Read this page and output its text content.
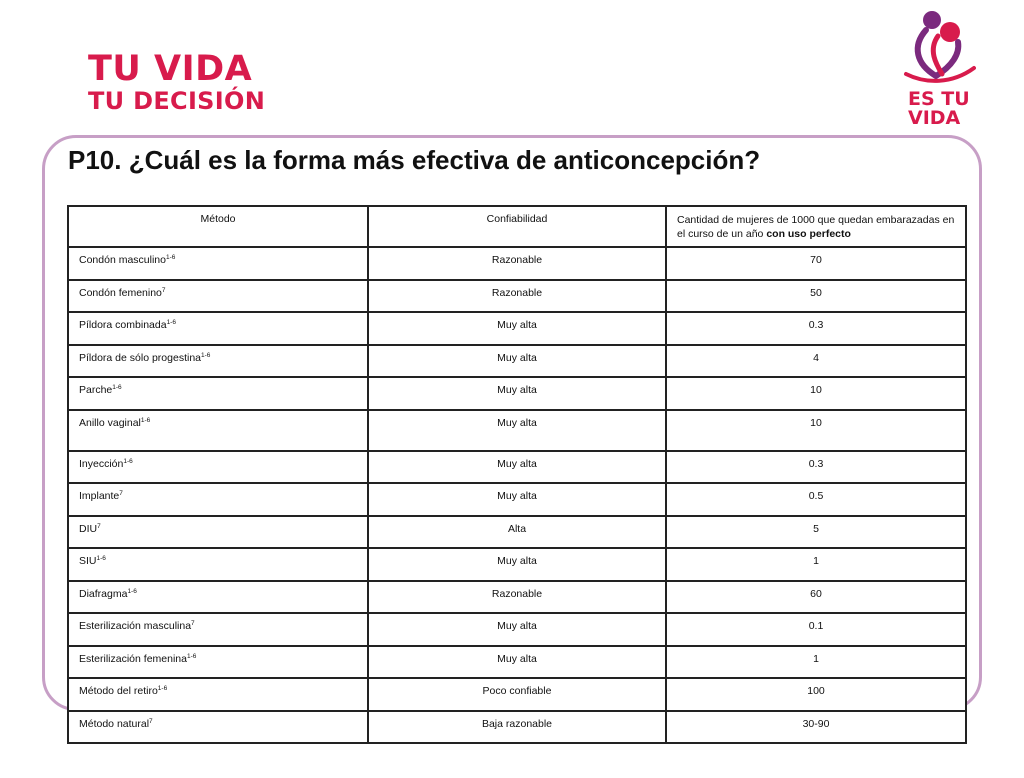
TU VIDA
TU DECISIÓN	ES TU
VIDA
P10. ¿Cuál es la forma más efectiva de anticoncepción?
Método	Confiabilidad	Cantidad de mujeres de 1000 que quedan embarazadas en el curso de un año con uso perfecto
Condón masculino$^{1-6}$	Razonable	70
Condón femenino$^7$	Razonable	50
Píldora combinada$^{1-6}$	Muy alta	0.3
Píldora de sólo progestina$^{1-6}$	Muy alta	4
Parche$^{1-6}$	Muy alta	10
Anillo vaginal$^{1-6}$	Muy alta	10
Inyección$^{1-6}$	Muy alta	0.3
Implante$^7$	Muy alta	0.5
DIU$^7$	Alta	5
SIU$^{1-6}$	Muy alta	1
Diafragma$^{1-6}$	Razonable	60
Esterilización masculina$^7$	Muy alta	0.1
Esterilización femenina$^{1-6}$	Muy alta	1
Método del retiro$^{1-6}$	Poco confiable	100
Método natural$^7$	Baja razonable	30-90
